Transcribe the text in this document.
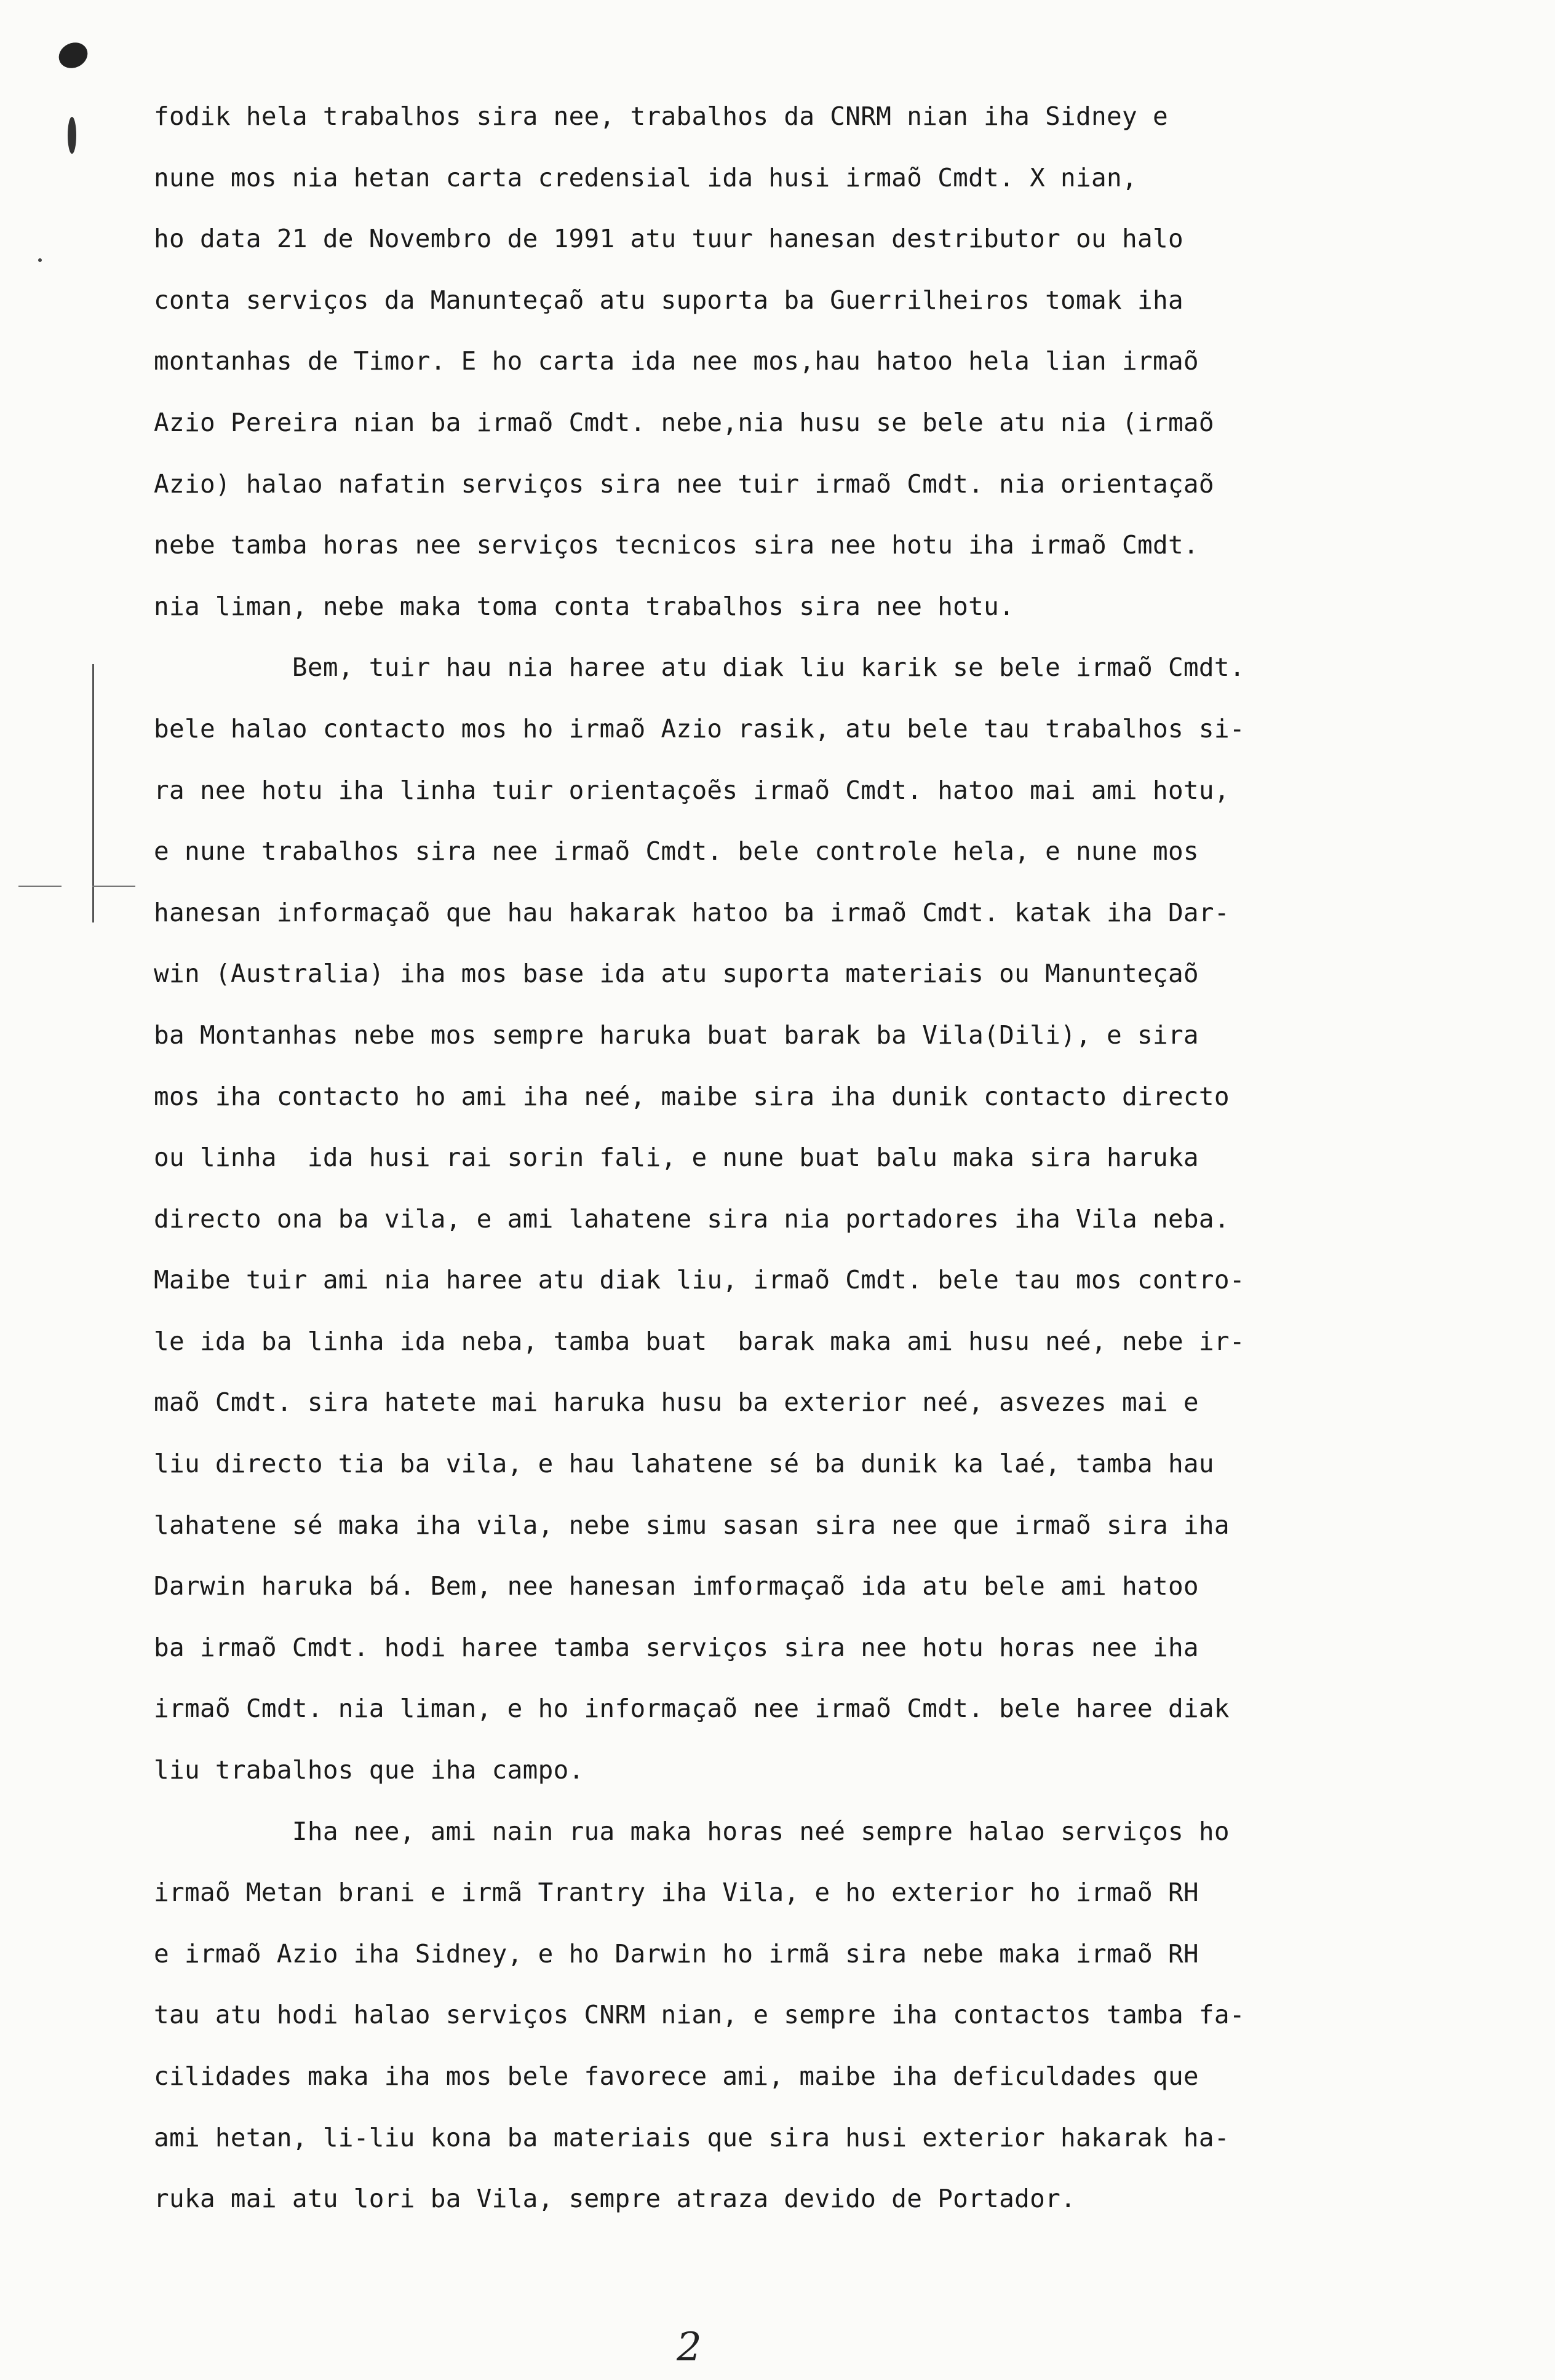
fodik hela trabalhos sira nee, trabalhos da CNRM nian iha Sidney e
nune mos nia hetan carta credensial ida husi irmaõ Cmdt. X nian,
ho data 21 de Novembro de 1991 atu tuur hanesan destributor ou halo
conta serviços da Manunteçaõ atu suporta ba Guerrilheiros tomak iha
montanhas de Timor. E ho carta ida nee mos,hau hatoo hela lian irmaõ
Azio Pereira nian ba irmaõ Cmdt. nebe,nia husu se bele atu nia (irmaõ
Azio) halao nafatin serviços sira nee tuir irmaõ Cmdt. nia orientaçaõ
nebe tamba horas nee serviços tecnicos sira nee hotu iha irmaõ Cmdt.
nia liman, nebe maka toma conta trabalhos sira nee hotu.
Bem, tuir hau nia haree atu diak liu karik se bele irmaõ Cmdt.
bele halao contacto mos ho irmaõ Azio rasik, atu bele tau trabalhos si-
ra nee hotu iha linha tuir orientaçoẽs irmaõ Cmdt. hatoo mai ami hotu,
e nune trabalhos sira nee irmaõ Cmdt. bele controle hela, e nune mos
hanesan informaçaõ que hau hakarak hatoo ba irmaõ Cmdt. katak iha Dar-
win (Australia) iha mos base ida atu suporta materiais ou Manunteçaõ
ba Montanhas nebe mos sempre haruka buat barak ba Vila(Dili), e sira
mos iha contacto ho ami iha neé, maibe sira iha dunik contacto directo
ou linha  ida husi rai sorin fali, e nune buat balu maka sira haruka
directo ona ba vila, e ami lahatene sira nia portadores iha Vila neba.
Maibe tuir ami nia haree atu diak liu, irmaõ Cmdt. bele tau mos contro-
le ida ba linha ida neba, tamba buat  barak maka ami husu neé, nebe ir-
maõ Cmdt. sira hatete mai haruka husu ba exterior neé, asvezes mai e
liu directo tia ba vila, e hau lahatene sé ba dunik ka laé, tamba hau
lahatene sé maka iha vila, nebe simu sasan sira nee que irmaõ sira iha
Darwin haruka bá. Bem, nee hanesan imformaçaõ ida atu bele ami hatoo
ba irmaõ Cmdt. hodi haree tamba serviços sira nee hotu horas nee iha
irmaõ Cmdt. nia liman, e ho informaçaõ nee irmaõ Cmdt. bele haree diak
liu trabalhos que iha campo.
Iha nee, ami nain rua maka horas neé sempre halao serviços ho
irmaõ Metan brani e irmã Trantry iha Vila, e ho exterior ho irmaõ RH
e irmaõ Azio iha Sidney, e ho Darwin ho irmã sira nebe maka irmaõ RH
tau atu hodi halao serviços CNRM nian, e sempre iha contactos tamba fa-
cilidades maka iha mos bele favorece ami, maibe iha deficuldades que
ami hetan, li-liu kona ba materiais que sira husi exterior hakarak ha-
ruka mai atu lori ba Vila, sempre atraza devido de Portador.
2
